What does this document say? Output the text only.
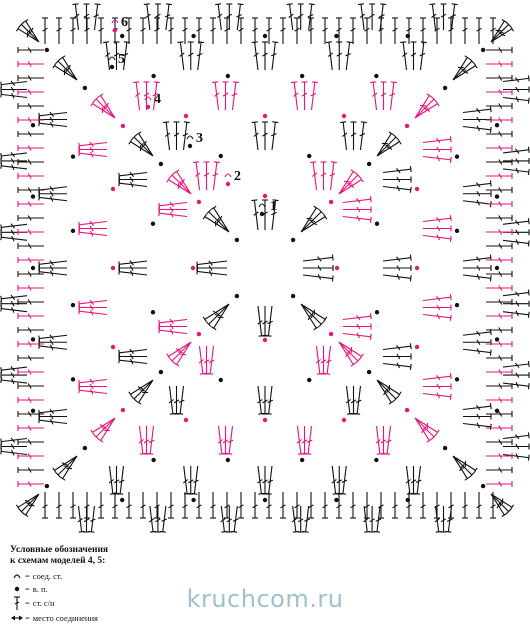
1
2
3
4
5
6
Условные обозначения
к схемам моделей 4, 5:
= соед. ст.
= в. п.
= ст. с/н
= место соединения
kruchcom.ru
